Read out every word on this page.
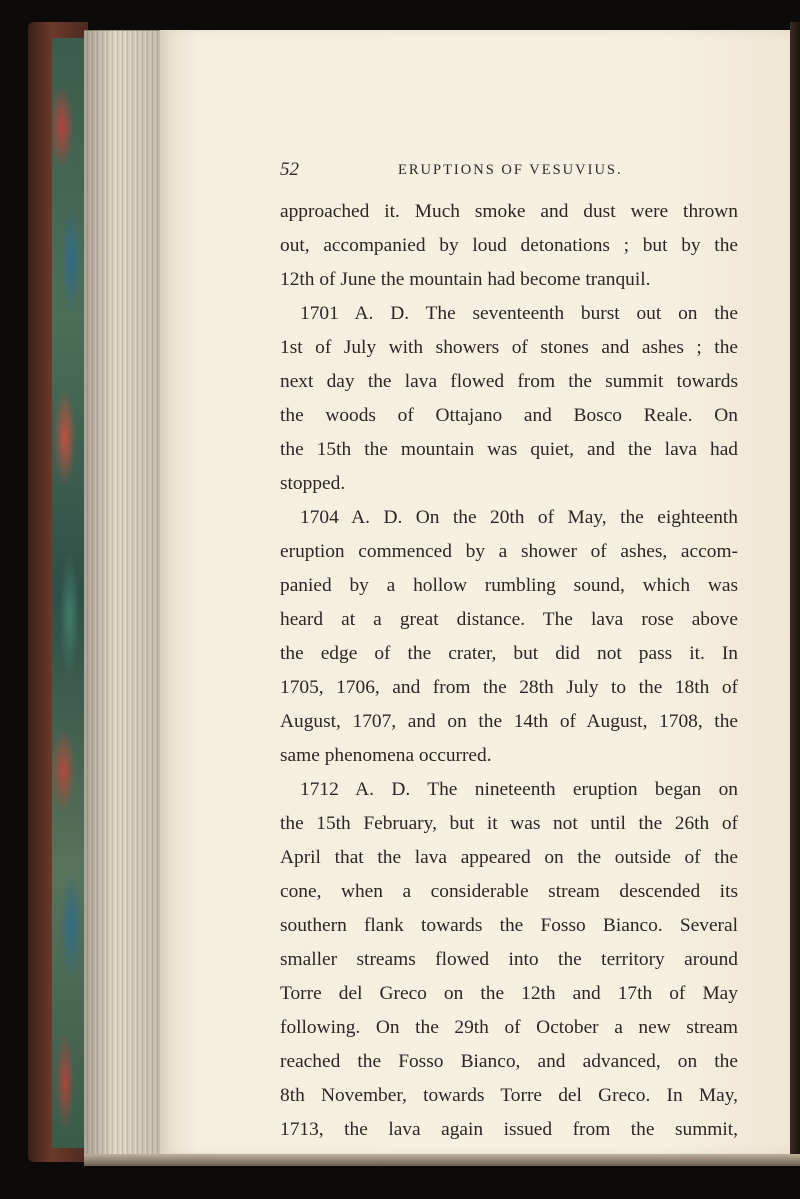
52	ERUPTIONS OF VESUVIUS.
approached it. Much smoke and dust were thrown
out, accompanied by loud detonations ; but by the
12th of June the mountain had become tranquil.
1701 A. D. The seventeenth burst out on the
1st of July with showers of stones and ashes ; the
next day the lava flowed from the summit towards
the woods of Ottajano and Bosco Reale. On
the 15th the mountain was quiet, and the lava had
stopped.
1704 A. D. On the 20th of May, the eighteenth
eruption commenced by a shower of ashes, accom-
panied by a hollow rumbling sound, which was
heard at a great distance. The lava rose above
the edge of the crater, but did not pass it. In
1705, 1706, and from the 28th July to the 18th of
August, 1707, and on the 14th of August, 1708, the
same phenomena occurred.
1712 A. D. The nineteenth eruption began on
the 15th February, but it was not until the 26th of
April that the lava appeared on the outside of the
cone, when a considerable stream descended its
southern flank towards the Fosso Bianco. Several
smaller streams flowed into the territory around
Torre del Greco on the 12th and 17th of May
following. On the 29th of October a new stream
reached the Fosso Bianco, and advanced, on the
8th November, towards Torre del Greco. In May,
1713, the lava again issued from the summit,
